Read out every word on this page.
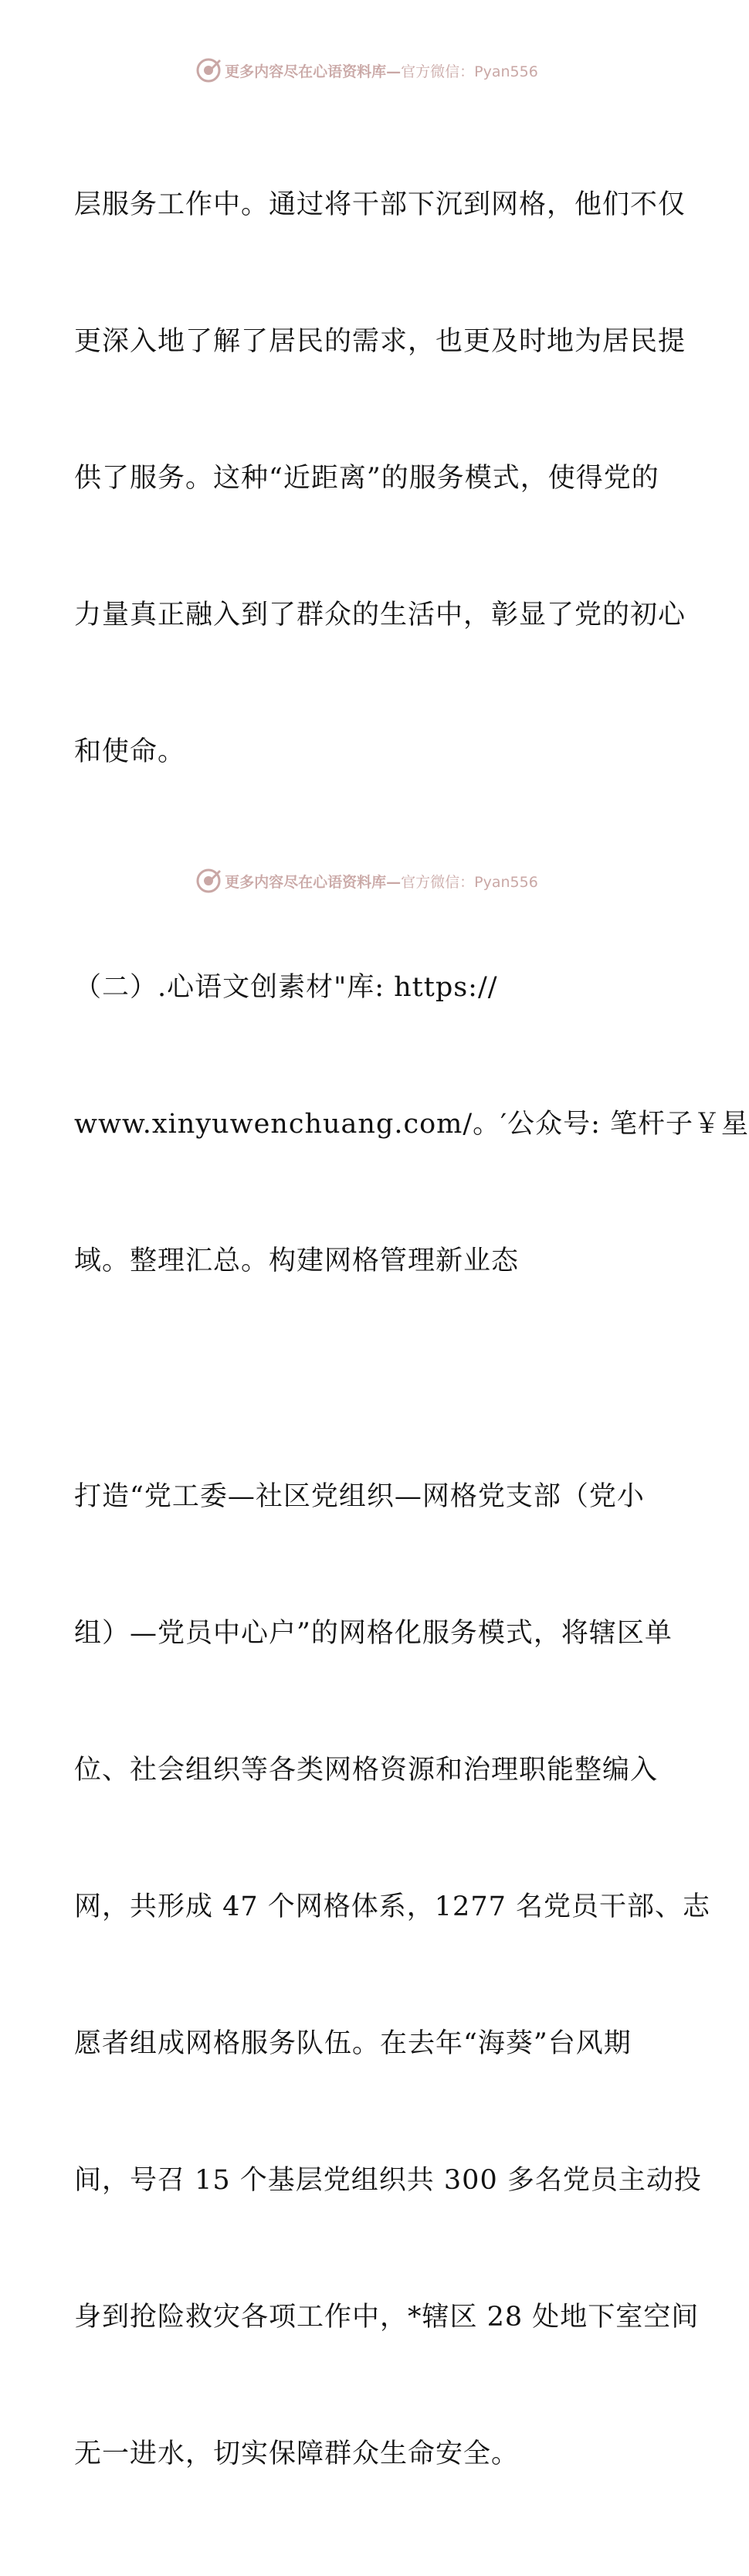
更多内容尽在心语资料库— 官方微信：Pyan556

层服务工作中。通过将干部下沉到网格，他们不仅

更深入地了解了居民的需求，也更及时地为居民提

供了服务。这种“近距离”的服务模式，使得党的

力量真正融入到了群众的生活中，彰显了党的初心

和使命。

（二）.心语文创素材"库: https://

www.xinyuwenchuang.com/。′公众号: 笔杆子￥星

域。整理汇总。构建网格管理新业态

打造“党工委—社区党组织—网格党支部（党小

组）—党员中心户”的网格化服务模式，将辖区单

位、社会组织等各类网格资源和治理职能整编入

网，共形成 47 个网格体系，1277 名党员干部、志

愿者组成网格服务队伍。在去年“海葵”台风期

间，号召 15 个基层党组织共 300 多名党员主动投

身到抢险救灾各项工作中，*辖区 28 处地下室空间

无一进水，切实保障群众生命安全。

更多内容尽在心语资料库— 官方微信：Pyan556
